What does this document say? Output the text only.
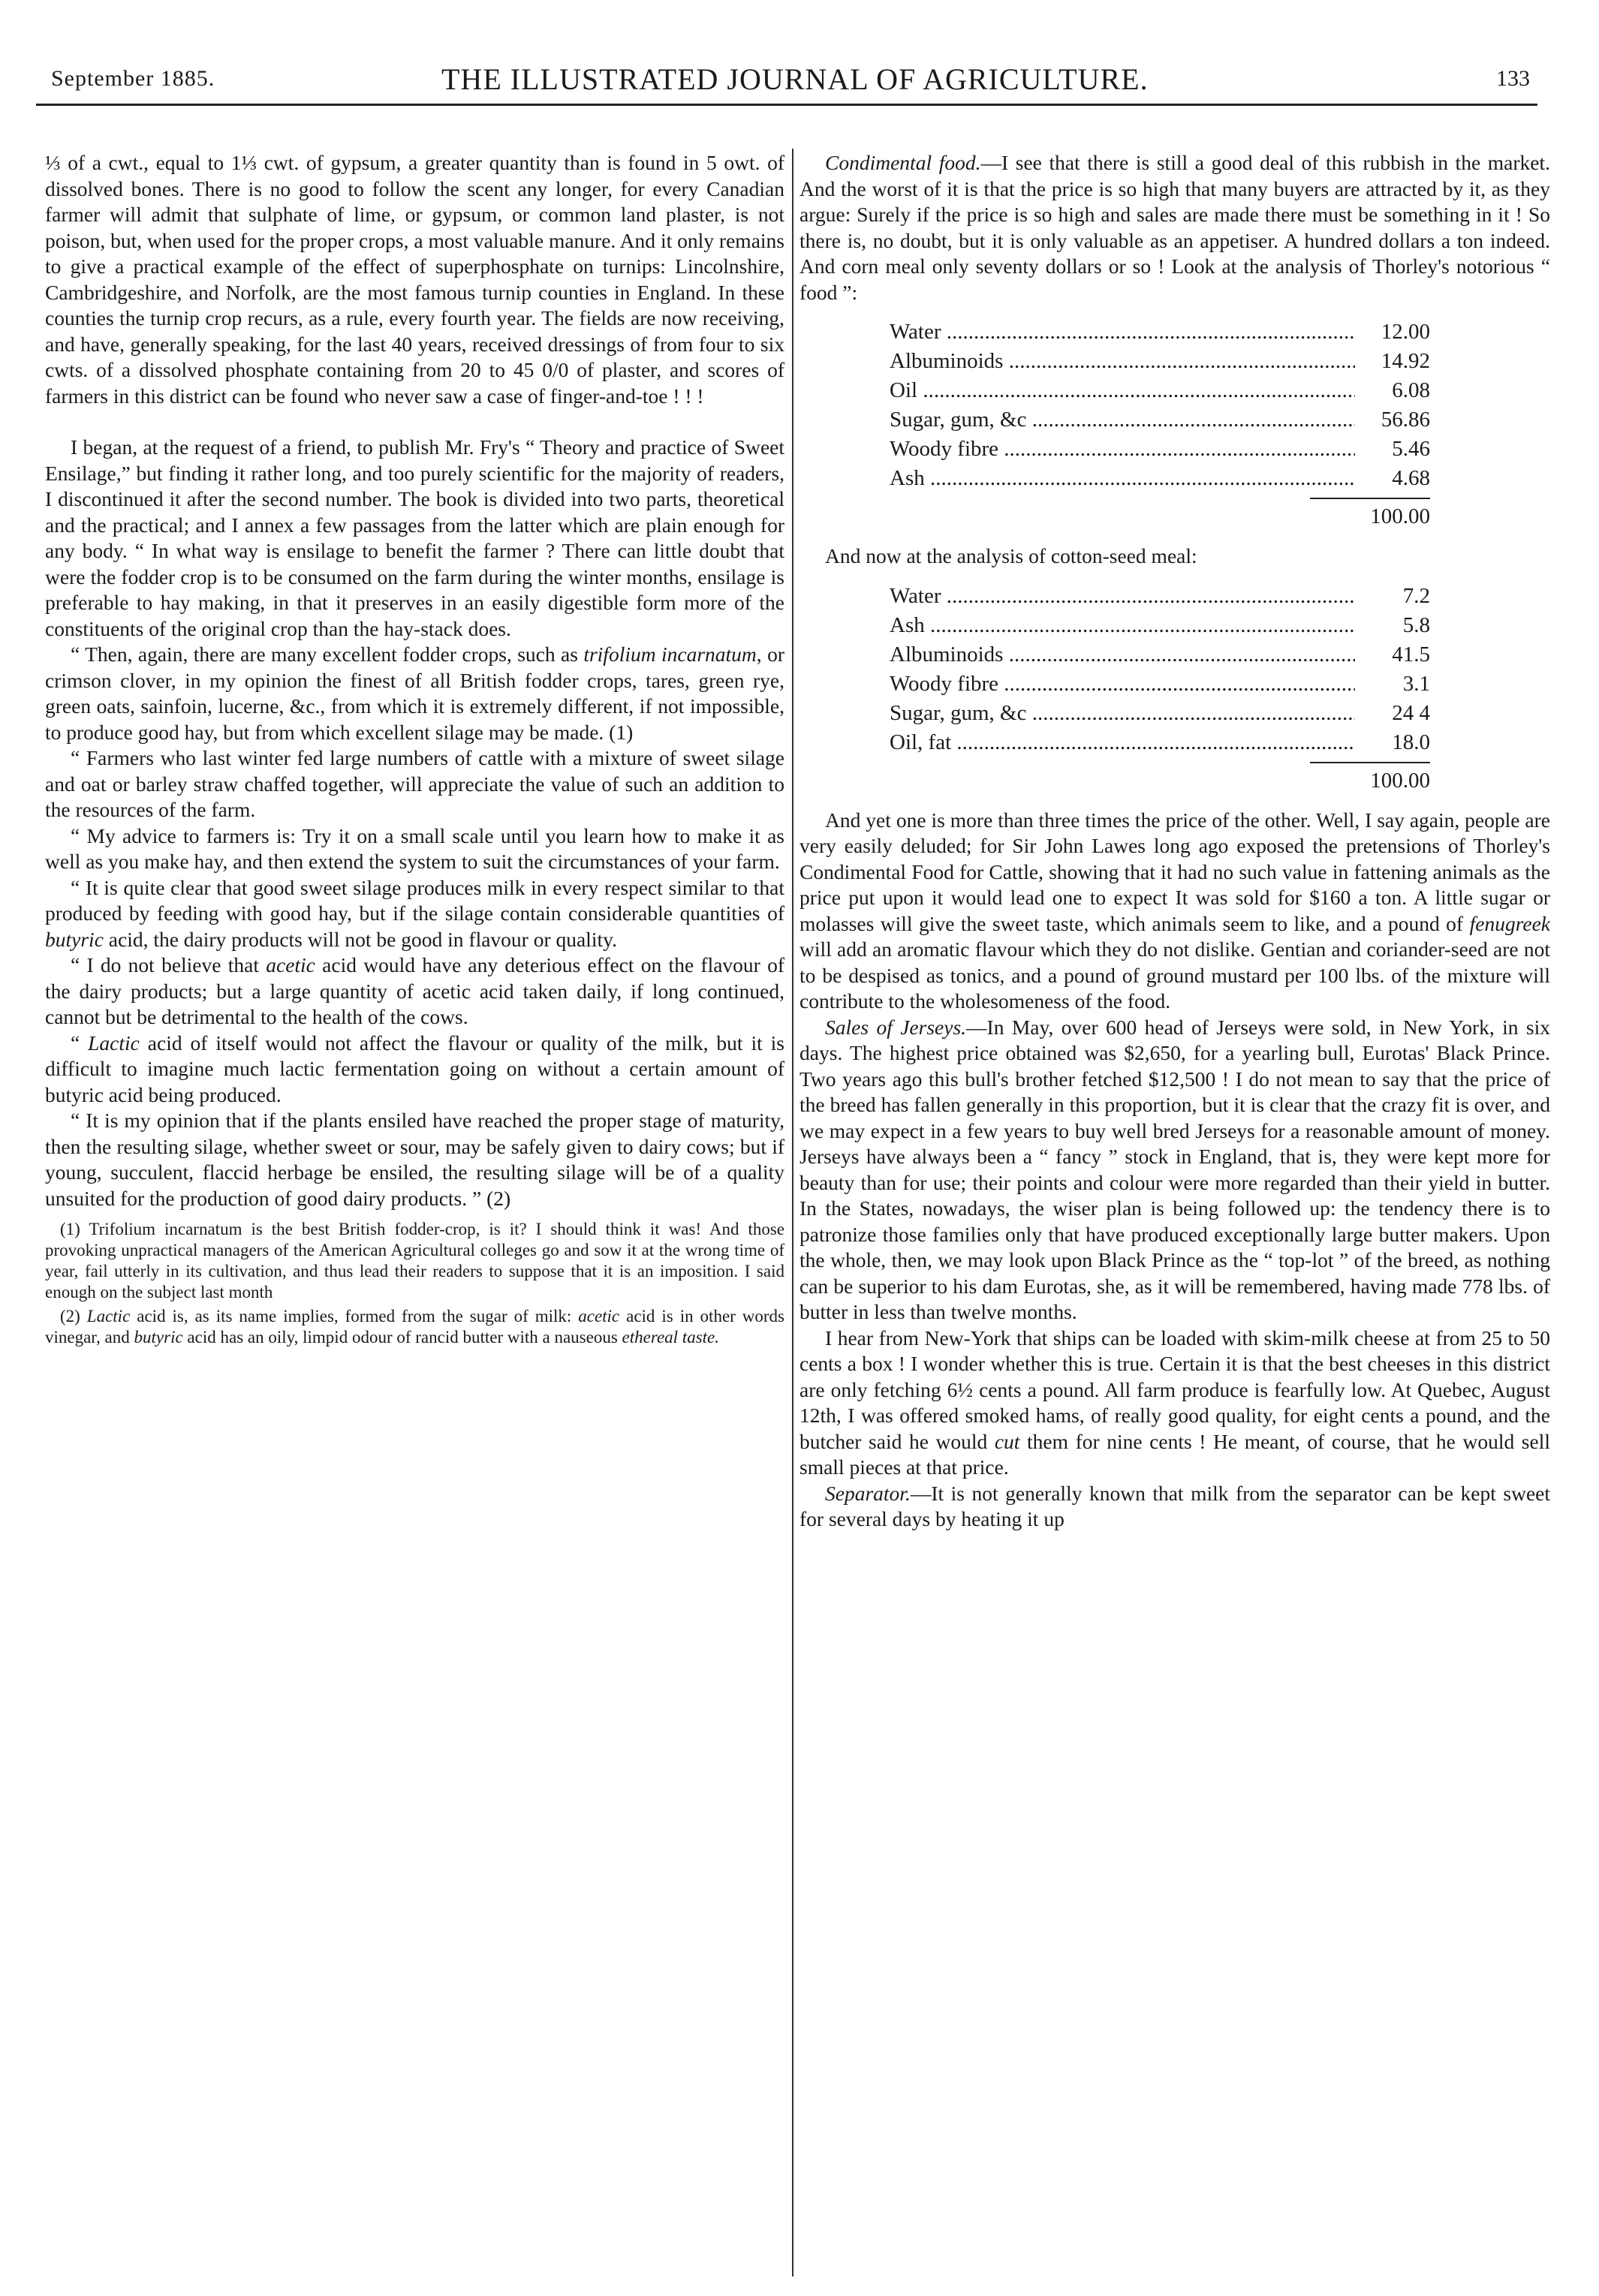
September 1885.	THE ILLUSTRATED JOURNAL OF AGRICULTURE.	133

⅓ of a cwt., equal to 1⅓ cwt. of gypsum, a greater quantity than is found in 5 owt. of dissolved bones. There is no good to follow the scent any longer, for every Canadian farmer will admit that sulphate of lime, or gypsum, or common land plaster, is not poison, but, when used for the proper crops, a most valuable manure. And it only remains to give a practical example of the effect of superphosphate on turnips: Lincolnshire, Cambridgeshire, and Norfolk, are the most famous turnip counties in England. In these counties the turnip crop recurs, as a rule, every fourth year. The fields are now receiving, and have, generally speaking, for the last 40 years, received dressings of from four to six cwts. of a dissolved phosphate containing from 20 to 45 0/0 of plaster, and scores of farmers in this district can be found who never saw a case of finger-and-toe ! ! !

I began, at the request of a friend, to publish Mr. Fry's “ Theory and practice of Sweet Ensilage,” but finding it rather long, and too purely scientific for the majority of readers, I discontinued it after the second number. The book is divided into two parts, theoretical and the practical; and I annex a few passages from the latter which are plain enough for any body. “ In what way is ensilage to benefit the farmer ? There can little doubt that were the fodder crop is to be consumed on the farm during the winter months, ensilage is preferable to hay making, in that it preserves in an easily digestible form more of the constituents of the original crop than the hay-stack does.

“ Then, again, there are many excellent fodder crops, such as trifolium incarnatum, or crimson clover, in my opinion the finest of all British fodder crops, tares, green rye, green oats, sainfoin, lucerne, &c., from which it is extremely different, if not impossible, to produce good hay, but from which excellent silage may be made. (1)

“ Farmers who last winter fed large numbers of cattle with a mixture of sweet silage and oat or barley straw chaffed together, will appreciate the value of such an addition to the resources of the farm.

“ My advice to farmers is: Try it on a small scale until you learn how to make it as well as you make hay, and then extend the system to suit the circumstances of your farm.

“ It is quite clear that good sweet silage produces milk in every respect similar to that produced by feeding with good hay, but if the silage contain considerable quantities of butyric acid, the dairy products will not be good in flavour or quality.

“ I do not believe that acetic acid would have any deterious effect on the flavour of the dairy products; but a large quantity of acetic acid taken daily, if long continued, cannot but be detrimental to the health of the cows.

“ Lactic acid of itself would not affect the flavour or quality of the milk, but it is difficult to imagine much lactic fermentation going on without a certain amount of butyric acid being produced.

“ It is my opinion that if the plants ensiled have reached the proper stage of maturity, then the resulting silage, whether sweet or sour, may be safely given to dairy cows; but if young, succulent, flaccid herbage be ensiled, the resulting silage will be of a quality unsuited for the production of good dairy products. ” (2)

(1) Trifolium incarnatum is the best British fodder-crop, is it? I should think it was! And those provoking unpractical managers of the American Agricultural colleges go and sow it at the wrong time of year, fail utterly in its cultivation, and thus lead their readers to suppose that it is an imposition. I said enough on the subject last month

(2) Lactic acid is, as its name implies, formed from the sugar of milk: acetic acid is in other words vinegar, and butyric acid has an oily, limpid odour of rancid butter with a nauseous ethereal taste.

Condimental food.—I see that there is still a good deal of this rubbish in the market. And the worst of it is that the price is so high that many buyers are attracted by it, as they argue: Surely if the price is so high and sales are made there must be something in it ! So there is, no doubt, but it is only valuable as an appetiser. A hundred dollars a ton indeed. And corn meal only seventy dollars or so ! Look at the analysis of Thorley's notorious “ food ”:

Water .....	12.00
Albuminoids .....	14.92
Oil .....	6.08
Sugar, gum, &c .....	56.86
Woody fibre .....	5.46
Ash .....	4.68
100.00

And now at the analysis of cotton-seed meal:

Water .....	7.2
Ash .....	5.8
Albuminoids .....	41.5
Woody fibre .....	3.1
Sugar, gum, &c .....	24 4
Oil, fat .....	18.0
100.00

And yet one is more than three times the price of the other. Well, I say again, people are very easily deluded; for Sir John Lawes long ago exposed the pretensions of Thorley's Condimental Food for Cattle, showing that it had no such value in fattening animals as the price put upon it would lead one to expect It was sold for $160 a ton. A little sugar or molasses will give the sweet taste, which animals seem to like, and a pound of fenugreek will add an aromatic flavour which they do not dislike. Gentian and coriander-seed are not to be despised as tonics, and a pound of ground mustard per 100 lbs. of the mixture will contribute to the wholesomeness of the food.

Sales of Jerseys.—In May, over 600 head of Jerseys were sold, in New York, in six days. The highest price obtained was $2,650, for a yearling bull, Eurotas' Black Prince. Two years ago this bull's brother fetched $12,500 ! I do not mean to say that the price of the breed has fallen generally in this proportion, but it is clear that the crazy fit is over, and we may expect in a few years to buy well bred Jerseys for a reasonable amount of money. Jerseys have always been a “ fancy ” stock in England, that is, they were kept more for beauty than for use; their points and colour were more regarded than their yield in butter. In the States, nowadays, the wiser plan is being followed up: the tendency there is to patronize those families only that have produced exceptionally large butter makers. Upon the whole, then, we may look upon Black Prince as the “ top-lot ” of the breed, as nothing can be superior to his dam Eurotas, she, as it will be remembered, having made 778 lbs. of butter in less than twelve months.

I hear from New-York that ships can be loaded with skim-milk cheese at from 25 to 50 cents a box ! I wonder whether this is true. Certain it is that the best cheeses in this district are only fetching 6½ cents a pound. All farm produce is fearfully low. At Quebec, August 12th, I was offered smoked hams, of really good quality, for eight cents a pound, and the butcher said he would cut them for nine cents ! He meant, of course, that he would sell small pieces at that price.

Separator.—It is not generally known that milk from the separator can be kept sweet for several days by heating it up
